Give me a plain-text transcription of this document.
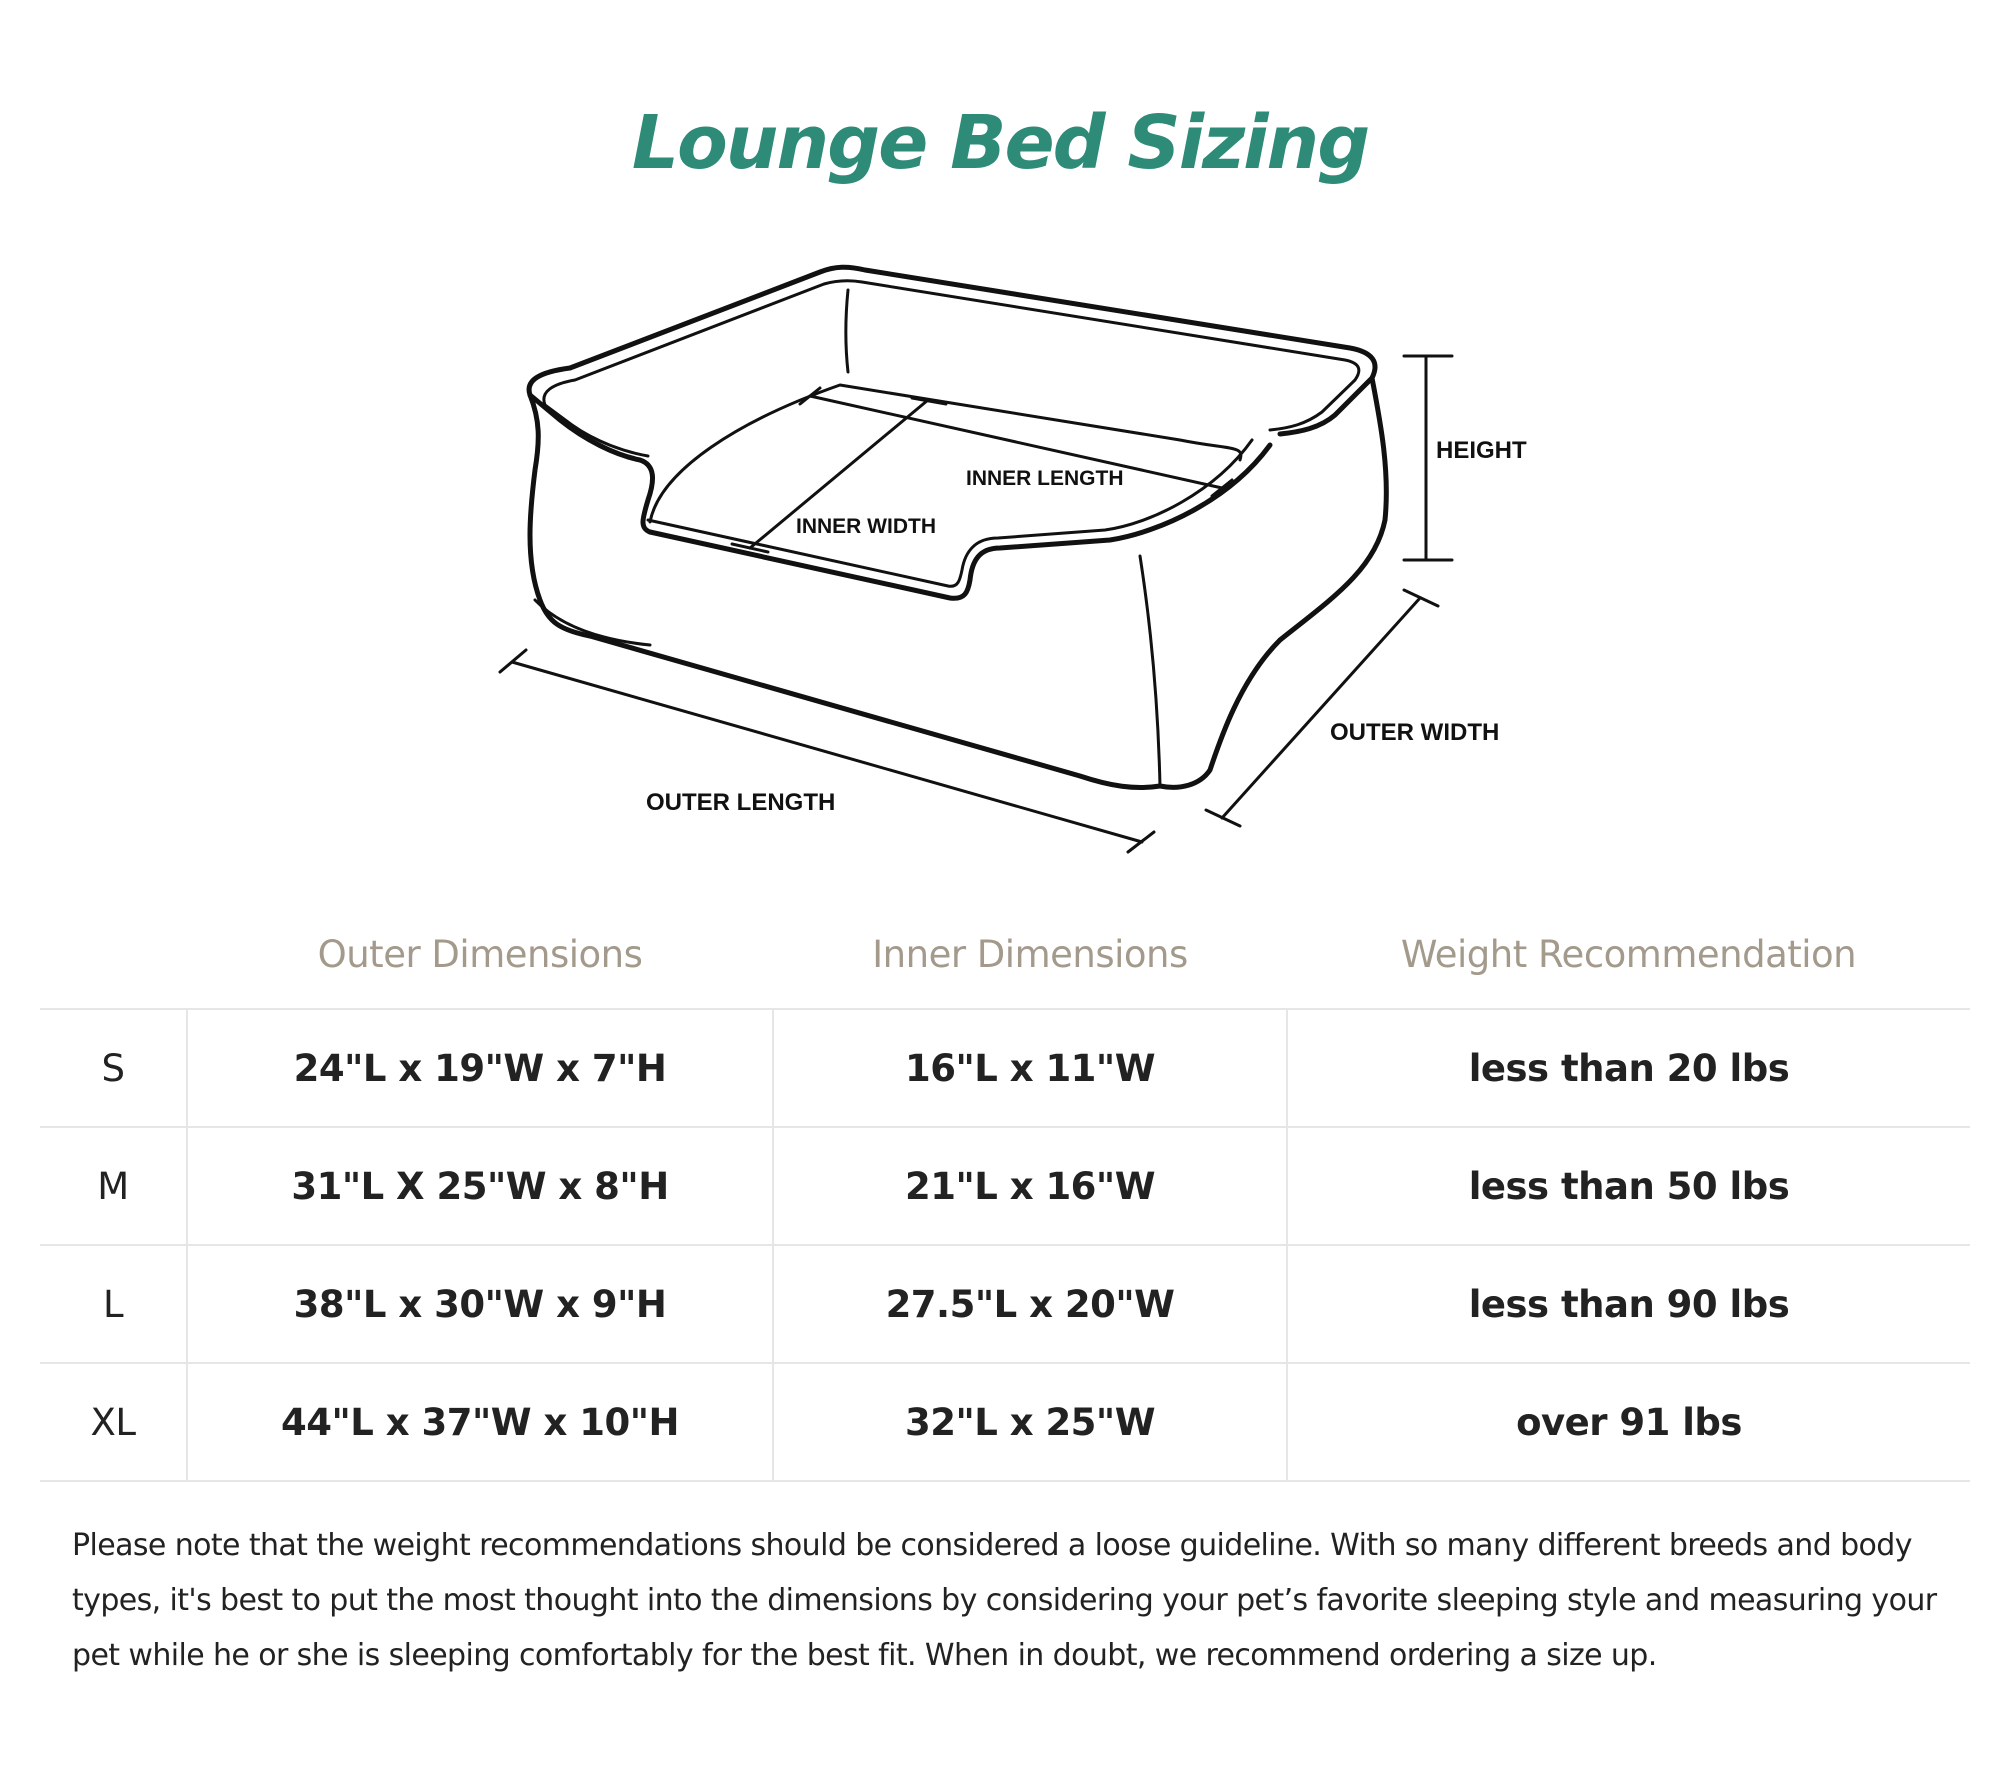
Lounge Bed Sizing
HEIGHT
INNER LENGTH
INNER WIDTH
OUTER WIDTH
OUTER LENGTH
	Outer Dimensions	Inner Dimensions	Weight Recommendation
S	24"L x 19"W x 7"H	16"L x 11"W	less than 20 lbs
M	31"L X 25"W x 8"H	21"L x 16"W	less than 50 lbs
L	38"L x 30"W x 9"H	27.5"L x 20"W	less than 90 lbs
XL	44"L x 37"W x 10"H	32"L x 25"W	over 91 lbs

Please note that the weight recommendations should be considered a loose guideline. With so many different breeds and body types, it's best to put the most thought into the dimensions by considering your pet’s favorite sleeping style and measuring your pet while he or she is sleeping comfortably for the best fit. When in doubt, we recommend ordering a size up.
